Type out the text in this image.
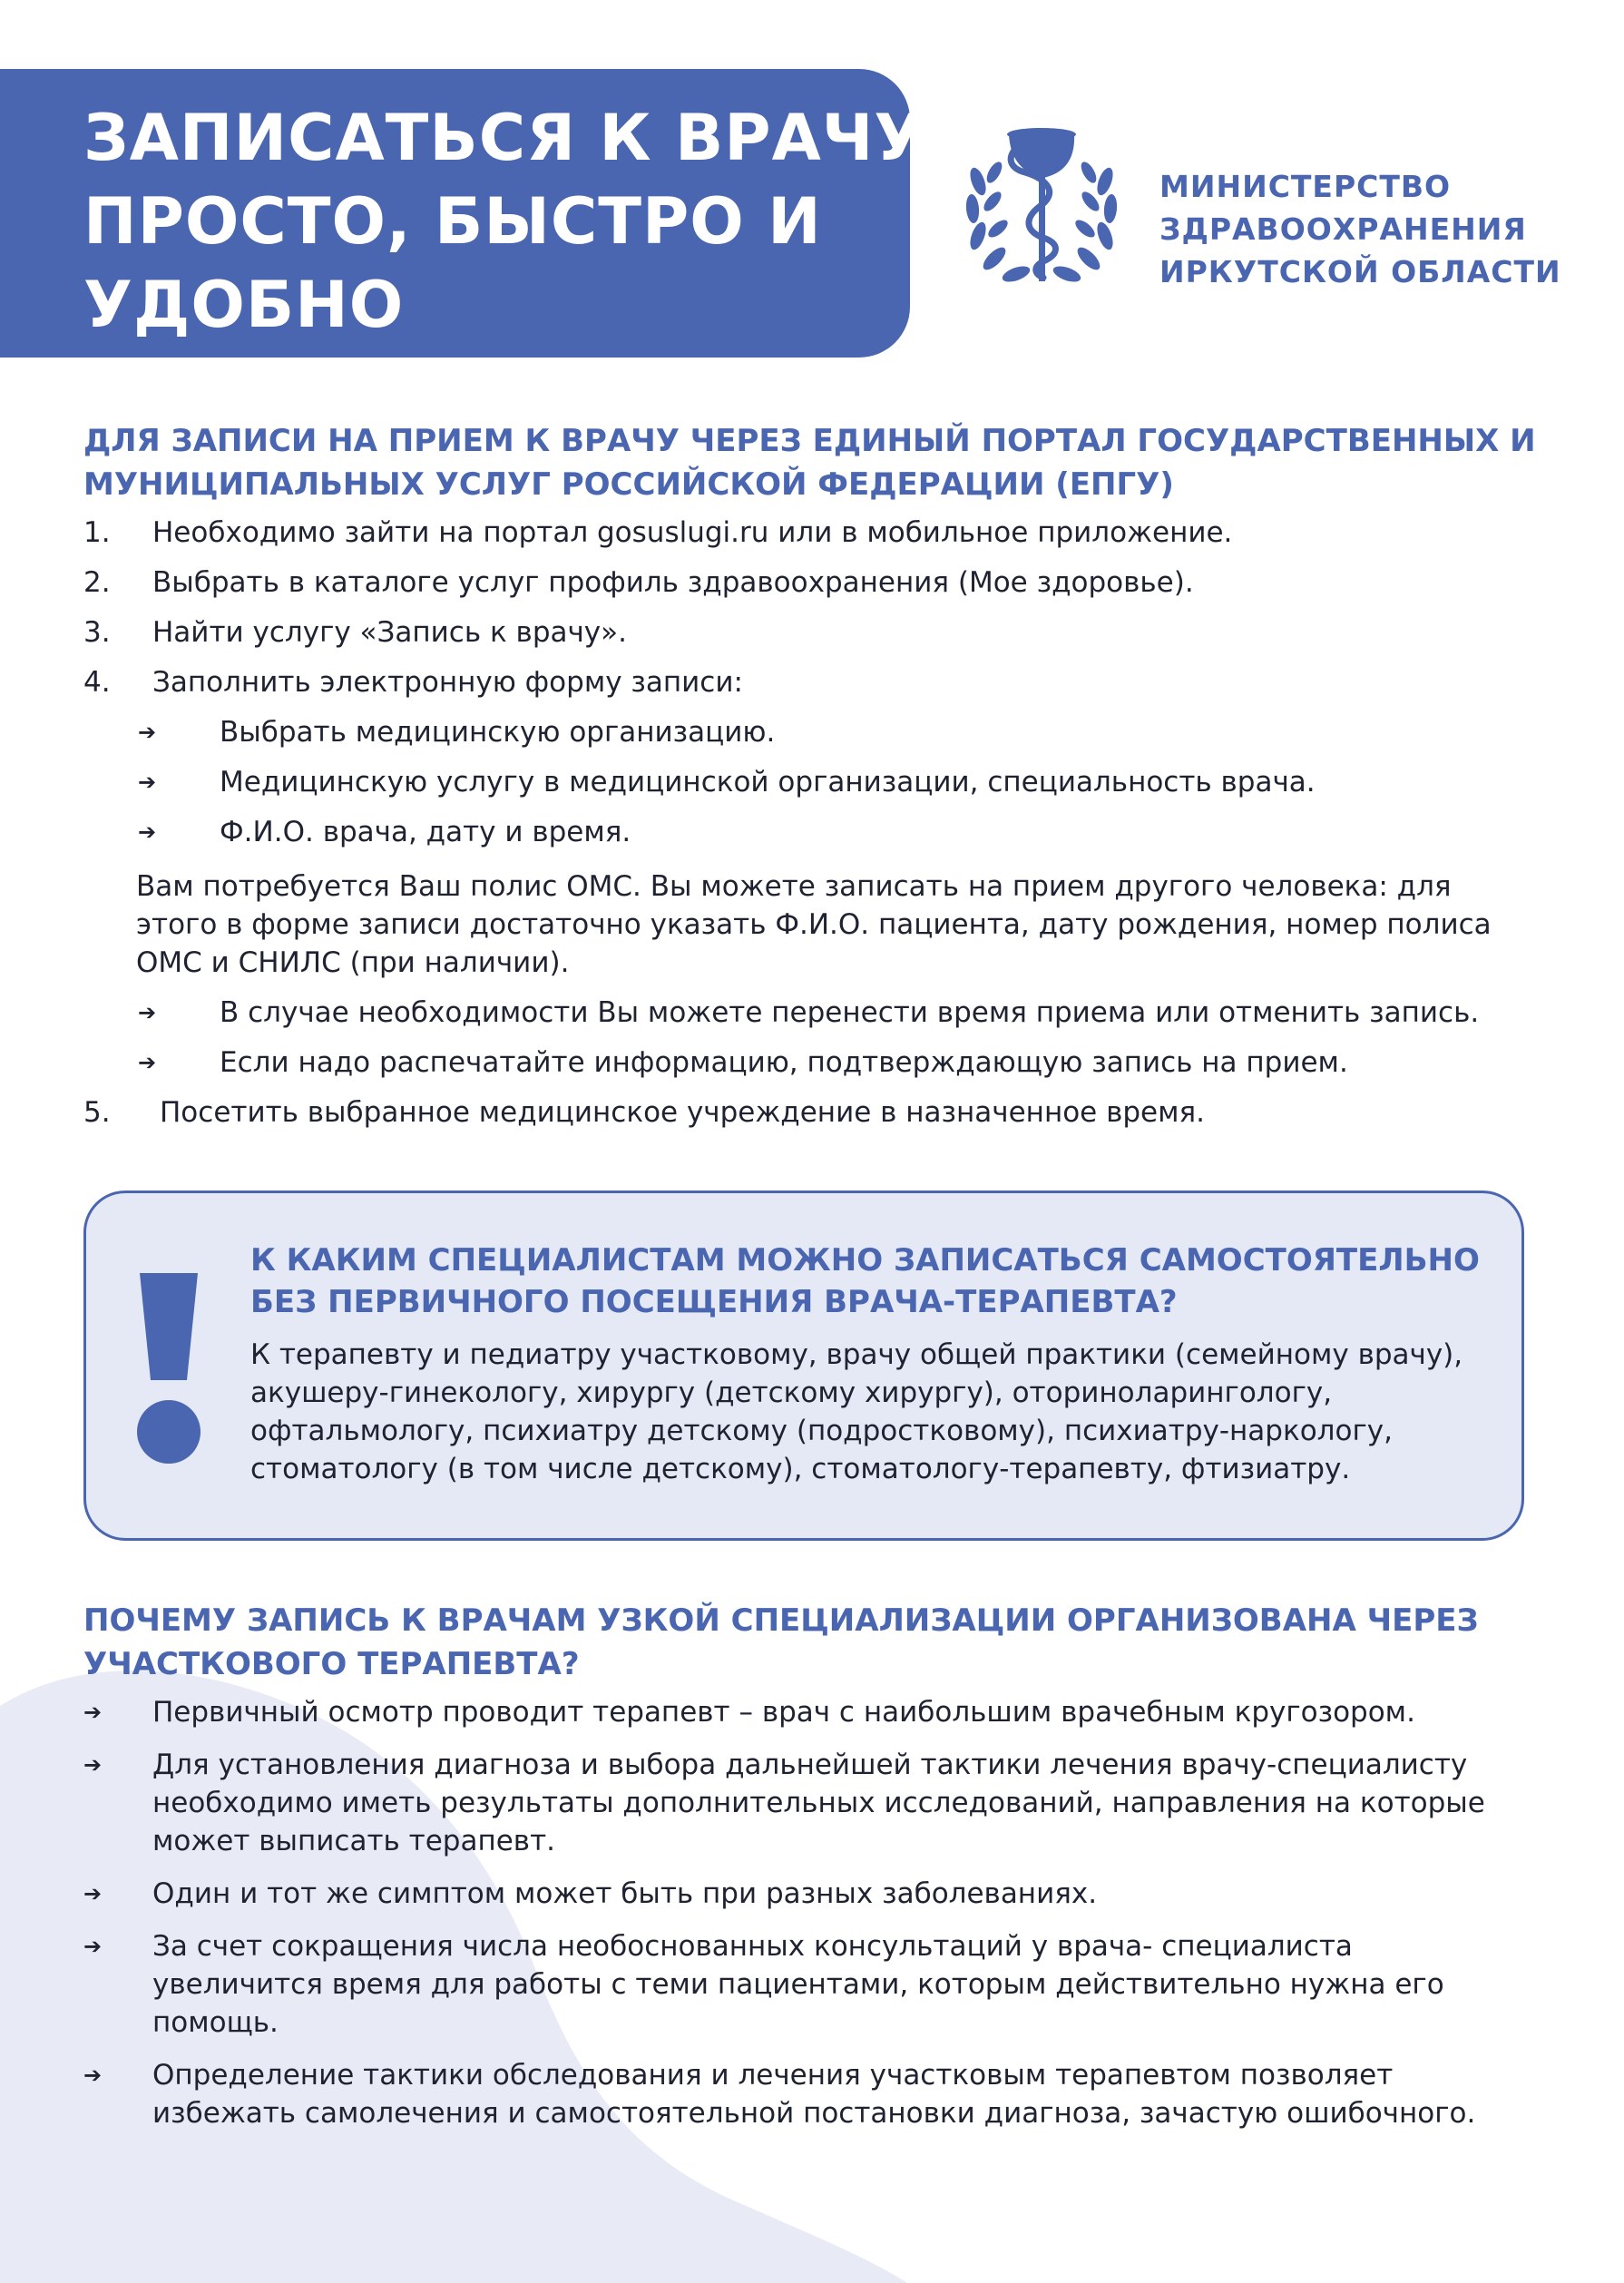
ЗАПИСАТЬСЯ К ВРАЧУ
ПРОСТО, БЫСТРО И
УДОБНО
МИНИСТЕРСТВО
ЗДРАВООХРАНЕНИЯ
ИРКУТСКОЙ ОБЛАСТИ
ДЛЯ ЗАПИСИ НА ПРИЕМ К ВРАЧУ ЧЕРЕЗ ЕДИНЫЙ ПОРТАЛ ГОСУДАРСТВЕННЫХ И
МУНИЦИПАЛЬНЫХ УСЛУГ РОССИЙСКОЙ ФЕДЕРАЦИИ (ЕПГУ)
1. Необходимо зайти на портал gosuslugi.ru или в мобильное приложение.
2. Выбрать в каталоге услуг профиль здравоохранения (Мое здоровье).
3. Найти услугу «Запись к врачу».
4. Заполнить электронную форму записи:
➔ Выбрать медицинскую организацию.
➔ Медицинскую услугу в медицинской организации, специальность врача.
➔ Ф.И.О. врача, дату и время.
Вам потребуется Ваш полис ОМС. Вы можете записать на прием другого человека: для
этого в форме записи достаточно указать Ф.И.О. пациента, дату рождения, номер полиса
ОМС и СНИЛС (при наличии).
➔ В случае необходимости Вы можете перенести время приема или отменить запись.
➔ Если надо распечатайте информацию, подтверждающую запись на прием.
5. Посетить выбранное медицинское учреждение в назначенное время.
К КАКИМ СПЕЦИАЛИСТАМ МОЖНО ЗАПИСАТЬСЯ САМОСТОЯТЕЛЬНО
БЕЗ ПЕРВИЧНОГО ПОСЕЩЕНИЯ ВРАЧА-ТЕРАПЕВТА?
К терапевту и педиатру участковому, врачу общей практики (семейному врачу),
акушеру-гинекологу, хирургу (детскому хирургу), оториноларингологу,
офтальмологу, психиатру детскому (подростковому), психиатру-наркологу,
стоматологу (в том числе детскому), стоматологу-терапевту, фтизиатру.
ПОЧЕМУ ЗАПИСЬ К ВРАЧАМ УЗКОЙ СПЕЦИАЛИЗАЦИИ ОРГАНИЗОВАНА ЧЕРЕЗ
УЧАСТКОВОГО ТЕРАПЕВТА?
➔ Первичный осмотр проводит терапевт – врач с наибольшим врачебным кругозором.
➔ Для установления диагноза и выбора дальнейшей тактики лечения врачу-специалисту
необходимо иметь результаты дополнительных исследований, направления на которые
может выписать терапевт.
➔ Один и тот же симптом может быть при разных заболеваниях.
➔ За счет сокращения числа необоснованных консультаций у врача- специалиста
увеличится время для работы с теми пациентами, которым действительно нужна его
помощь.
➔ Определение тактики обследования и лечения участковым терапевтом позволяет
избежать самолечения и самостоятельной постановки диагноза, зачастую ошибочного.
